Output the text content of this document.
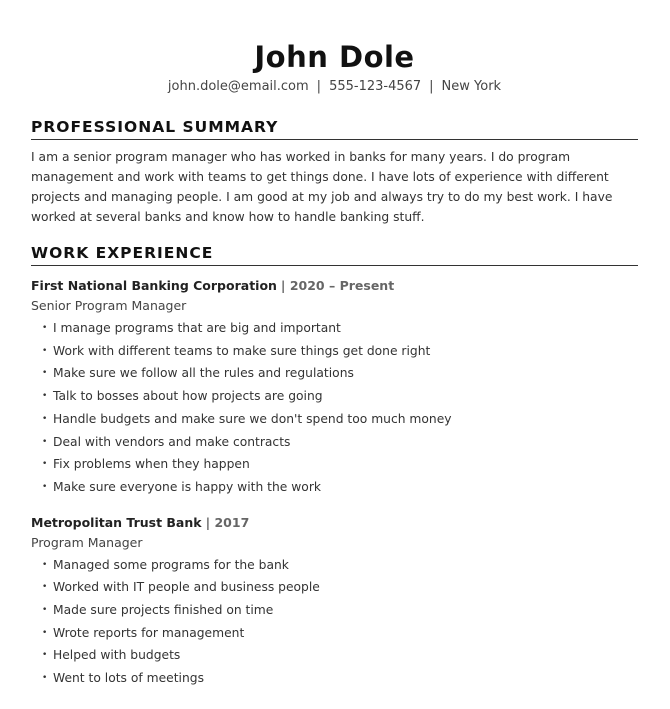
John Dole
john.dole@email.com | 555-123-4567 | New York
PROFESSIONAL SUMMARY
I am a senior program manager who has worked in banks for many years. I do program management and work with teams to get things done. I have lots of experience with different projects and managing people. I am good at my job and always try to do my best work. I have worked at several banks and know how to handle banking stuff.
WORK EXPERIENCE
First National Banking Corporation | 2020 – Present
Senior Program Manager
• I manage programs that are big and important
• Work with different teams to make sure things get done right
• Make sure we follow all the rules and regulations
• Talk to bosses about how projects are going
• Handle budgets and make sure we don't spend too much money
• Deal with vendors and make contracts
• Fix problems when they happen
• Make sure everyone is happy with the work
Metropolitan Trust Bank | 2017
Program Manager
• Managed some programs for the bank
• Worked with IT people and business people
• Made sure projects finished on time
• Wrote reports for management
• Helped with budgets
• Went to lots of meetings
